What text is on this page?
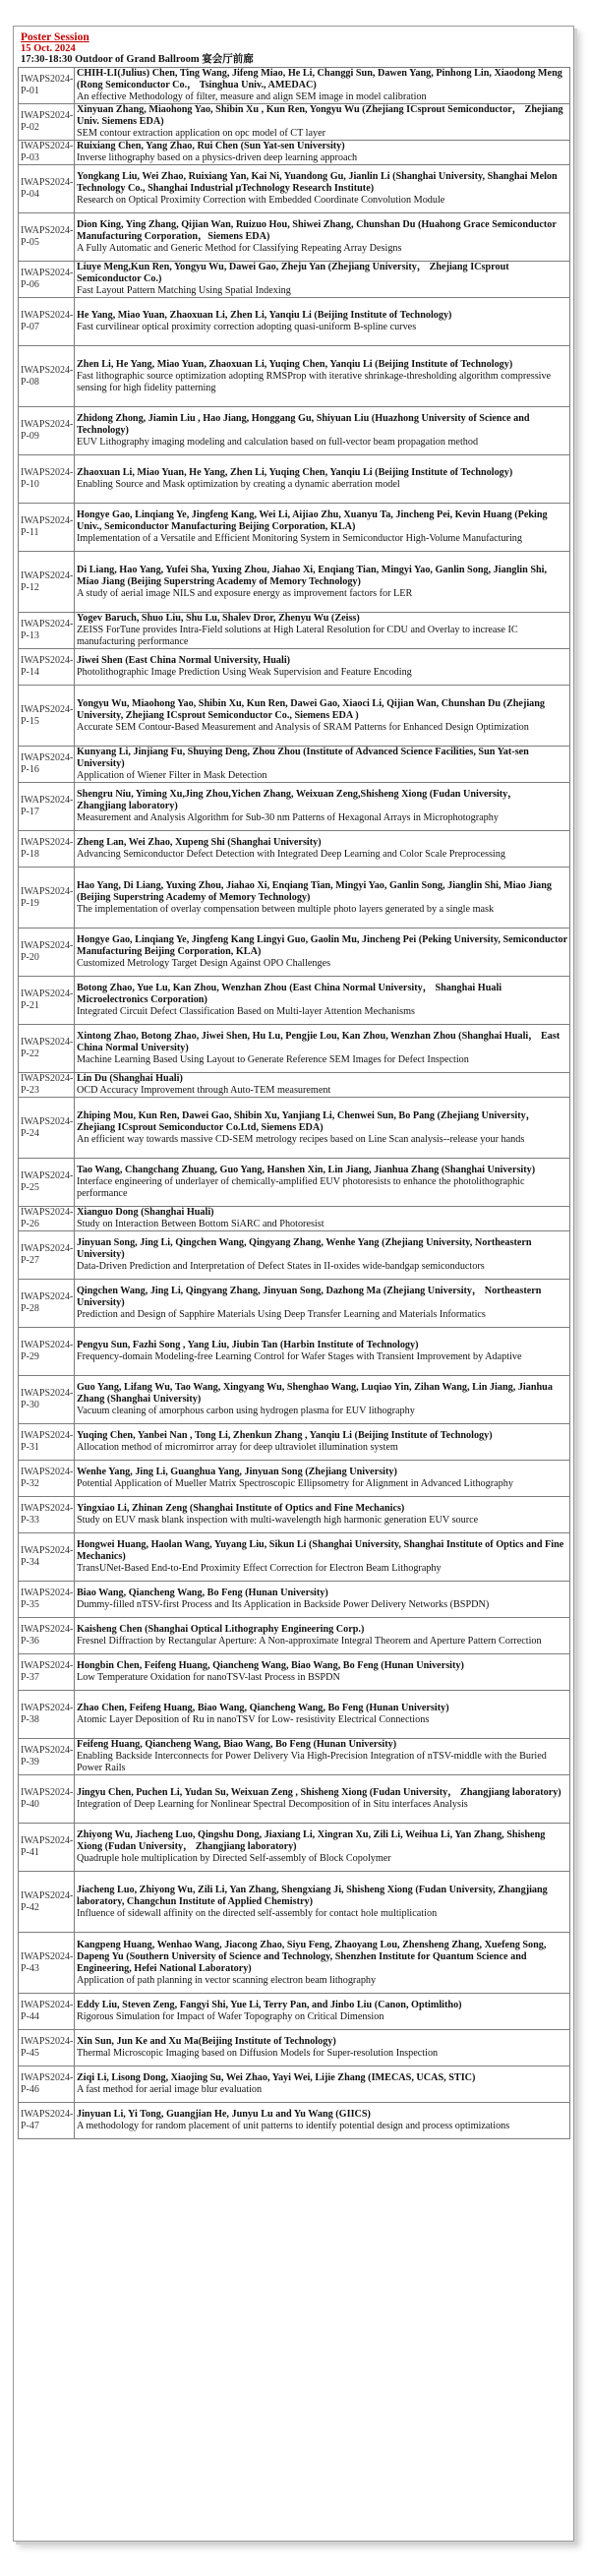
Poster Session
15 Oct. 2024
17:30-18:30 Outdoor of Grand Ballroom 宴会厅前廊
IWAPS2024-P-01	CHIH-LI(Julius) Chen, Ting Wang, Jifeng Miao, He Li, Changgi Sun, Dawen Yang, Pinhong Lin, Xiaodong Meng (Rong Semiconductor Co.， Tsinghua Univ., AMEDAC)
An effective Methodology of filter, measure and align SEM image in model calibration

IWAPS2024-P-02	Xinyuan Zhang, Miaohong Yao, Shibin Xu , Kun Ren, Yongyu Wu (Zhejiang ICsprout Semiconductor， Zhejiang Univ. Siemens EDA)
SEM contour extraction application on opc model of CT layer

IWAPS2024-P-03	Ruixiang Chen, Yang Zhao, Rui Chen (Sun Yat-sen University)
Inverse lithography based on a physics-driven deep learning approach

IWAPS2024-P-04	Yongkang Liu, Wei Zhao, Ruixiang Yan, Kai Ni, Yuandong Gu, Jianlin Li (Shanghai University, Shanghai Melon Technology Co., Shanghai Industrial µTechnology Research Institute)
Research on Optical Proximity Correction with Embedded Coordinate Convolution Module

IWAPS2024-P-05	Dion King, Ying Zhang, Qijian Wan, Ruizuo Hou, Shiwei Zhang, Chunshan Du (Huahong Grace Semiconductor Manufacturing Corporation，Siemens EDA)
A Fully Automatic and Generic Method for Classifying Repeating Array Designs

IWAPS2024-P-06	Liuye Meng,Kun Ren, Yongyu Wu, Dawei Gao, Zheju Yan (Zhejiang University， Zhejiang ICsprout Semiconductor Co.)
Fast Layout Pattern Matching Using Spatial Indexing

IWAPS2024-P-07	He Yang, Miao Yuan, Zhaoxuan Li, Zhen Li, Yanqiu Li (Beijing Institute of Technology)
Fast curvilinear optical proximity correction adopting quasi-uniform B-spline curves

IWAPS2024-P-08	Zhen Li, He Yang, Miao Yuan, Zhaoxuan Li, Yuqing Chen, Yanqiu Li (Beijing Institute of Technology)
Fast lithographic source optimization adopting RMSProp with iterative shrinkage-thresholding algorithm compressive sensing for high fidelity patterning

IWAPS2024-P-09	Zhidong Zhong, Jiamin Liu , Hao Jiang, Honggang Gu, Shiyuan Liu (Huazhong University of Science and Technology)
EUV Lithography imaging modeling and calculation based on full-vector beam propagation method

IWAPS2024-P-10	Zhaoxuan Li, Miao Yuan, He Yang, Zhen Li, Yuqing Chen, Yanqiu Li (Beijing Institute of Technology)
Enabling Source and Mask optimization by creating a dynamic aberration model

IWAPS2024-P-11	Hongye Gao, Linqiang Ye, Jingfeng Kang, Wei Li, Aijiao Zhu, Xuanyu Ta, Jincheng Pei, Kevin Huang (Peking Univ., Semiconductor Manufacturing Beijing Corporation, KLA)
Implementation of a Versatile and Efficient Monitoring System in Semiconductor High-Volume Manufacturing

IWAPS2024-P-12	Di Liang, Hao Yang, Yufei Sha, Yuxing Zhou, Jiahao Xi, Enqiang Tian, Mingyi Yao, Ganlin Song, Jianglin Shi, Miao Jiang (Beijing Superstring Academy of Memory Technology)
A study of aerial image NILS and exposure energy as improvement factors for LER

IWAPS2024-P-13	Yogev Baruch, Shuo Liu, Shu Lu, Shalev Dror, Zhenyu Wu (Zeiss)
ZEISS ForTune provides Intra-Field solutions at High Lateral Resolution for CDU and Overlay to increase IC manufacturing performance

IWAPS2024-P-14	Jiwei Shen (East China Normal University, Huali)
Photolithographic Image Prediction Using Weak Supervision and Feature Encoding

IWAPS2024-P-15	Yongyu Wu, Miaohong Yao, Shibin Xu, Kun Ren, Dawei Gao, Xiaoci Li, Qijian Wan, Chunshan Du (Zhejiang University, Zhejiang ICsprout Semiconductor Co., Siemens EDA )
Accurate SEM Contour-Based Measurement and Analysis of SRAM Patterns for Enhanced Design Optimization

IWAPS2024-P-16	Kunyang Li, Jinjiang Fu, Shuying Deng, Zhou Zhou (Institute of Advanced Science Facilities, Sun Yat-sen University)
Application of Wiener Filter in Mask Detection

IWAPS2024-P-17	Shengru Niu, Yiming Xu,Jing Zhou,Yichen Zhang, Weixuan Zeng,Shisheng Xiong (Fudan University， Zhangjiang laboratory)
Measurement and Analysis Algorithm for Sub-30 nm Patterns of Hexagonal Arrays in Microphotography

IWAPS2024-P-18	Zheng Lan, Wei Zhao, Xupeng Shi (Shanghai University)
Advancing Semiconductor Defect Detection with Integrated Deep Learning and Color Scale Preprocessing

IWAPS2024-P-19	Hao Yang, Di Liang, Yuxing Zhou, Jiahao Xi, Enqiang Tian, Mingyi Yao, Ganlin Song, Jianglin Shi, Miao Jiang (Beijing Superstring Academy of Memory Technology)
The implementation of overlay compensation between multiple photo layers generated by a single mask

IWAPS2024-P-20	Hongye Gao, Linqiang Ye, Jingfeng Kang Lingyi Guo, Gaolin Mu, Jincheng Pei (Peking University, Semiconductor Manufacturing Beijing Corporation, KLA)
Customized Metrology Target Design Against OPO Challenges

IWAPS2024-P-21	Botong Zhao, Yue Lu, Kan Zhou, Wenzhan Zhou (East China Normal University， Shanghai Huali Microelectronics Corporation)
Integrated Circuit Defect Classification Based on Multi-layer Attention Mechanisms

IWAPS2024-P-22	Xintong Zhao, Botong Zhao, Jiwei Shen, Hu Lu, Pengjie Lou, Kan Zhou, Wenzhan Zhou (Shanghai Huali， East China Normal University)
Machine Learning Based Using Layout to Generate Reference SEM Images for Defect Inspection

IWAPS2024-P-23	Lin Du (Shanghai Huali)
OCD Accuracy Improvement through Auto-TEM measurement

IWAPS2024-P-24	Zhiping Mou, Kun Ren, Dawei Gao, Shibin Xu, Yanjiang Li, Chenwei Sun, Bo Pang (Zhejiang University， Zhejiang ICsprout Semiconductor Co.Ltd, Siemens EDA)
An efficient way towards massive CD-SEM metrology recipes based on Line Scan analysis--release your hands

IWAPS2024-P-25	Tao Wang, Changchang Zhuang, Guo Yang, Hanshen Xin, Lin Jiang, Jianhua Zhang (Shanghai University)
Interface engineering of underlayer of chemically-amplified EUV photoresists to enhance the photolithographic performance

IWAPS2024-P-26	Xianguo Dong (Shanghai Huali)
Study on Interaction Between Bottom SiARC and Photoresist

IWAPS2024-P-27	Jinyuan Song, Jing Li, Qingchen Wang, Qingyang Zhang, Wenhe Yang (Zhejiang University, Northeastern University)
Data-Driven Prediction and Interpretation of Defect States in II-oxides wide-bandgap semiconductors

IWAPS2024-P-28	Qingchen Wang, Jing Li, Qingyang Zhang, Jinyuan Song, Dazhong Ma (Zhejiang University， Northeastern University)
Prediction and Design of Sapphire Materials Using Deep Transfer Learning and Materials Informatics

IWAPS2024-P-29	Pengyu Sun, Fazhi Song , Yang Liu, Jiubin Tan (Harbin Institute of Technology)
Frequency-domain Modeling-free Learning Control for Wafer Stages with Transient Improvement by Adaptive

IWAPS2024-P-30	Guo Yang, Lifang Wu, Tao Wang, Xingyang Wu, Shenghao Wang, Luqiao Yin, Zihan Wang, Lin Jiang, Jianhua Zhang (Shanghai University)
Vacuum cleaning of amorphous carbon using hydrogen plasma for EUV lithography

IWAPS2024-P-31	Yuqing Chen, Yanbei Nan , Tong Li, Zhenkun Zhang , Yanqiu Li (Beijing Institute of Technology)
Allocation method of micromirror array for deep ultraviolet illumination system

IWAPS2024-P-32	Wenhe Yang, Jing Li, Guanghua Yang, Jinyuan Song (Zhejiang University)
Potential Application of Mueller Matrix Spectroscopic Ellipsometry for Alignment in Advanced Lithography

IWAPS2024-P-33	Yingxiao Li, Zhinan Zeng (Shanghai Institute of Optics and Fine Mechanics)
Study on EUV mask blank inspection with multi-wavelength high harmonic generation EUV source

IWAPS2024-P-34	Hongwei Huang, Haolan Wang, Yuyang Liu, Sikun Li (Shanghai University, Shanghai Institute of Optics and Fine Mechanics)
TransUNet-Based End-to-End Proximity Effect Correction for Electron Beam Lithography

IWAPS2024-P-35	Biao Wang, Qiancheng Wang, Bo Feng (Hunan University)
Dummy-filled nTSV-first Process and Its Application in Backside Power Delivery Networks (BSPDN)

IWAPS2024-P-36	Kaisheng Chen (Shanghai Optical Lithography Engineering Corp.)
Fresnel Diffraction by Rectangular Aperture: A Non-approximate Integral Theorem and Aperture Pattern Correction

IWAPS2024-P-37	Hongbin Chen, Feifeng Huang, Qiancheng Wang, Biao Wang, Bo Feng (Hunan University)
Low Temperature Oxidation for nanoTSV-last Process in BSPDN

IWAPS2024-P-38	Zhao Chen, Feifeng Huang, Biao Wang, Qiancheng Wang, Bo Feng (Hunan University)
Atomic Layer Deposition of Ru in nanoTSV for Low- resistivity Electrical Connections

IWAPS2024-P-39	Feifeng Huang, Qiancheng Wang, Biao Wang, Bo Feng (Hunan University)
Enabling Backside Interconnects for Power Delivery Via High-Precision Integration of nTSV-middle with the Buried Power Rails

IWAPS2024-P-40	Jingyu Chen, Puchen Li, Yudan Su, Weixuan Zeng , Shisheng Xiong (Fudan University， Zhangjiang laboratory)
Integration of Deep Learning for Nonlinear Spectral Decomposition of in Situ interfaces Analysis

IWAPS2024-P-41	Zhiyong Wu, Jiacheng Luo, Qingshu Dong, Jiaxiang Li, Xingran Xu, Zili Li, Weihua Li, Yan Zhang, Shisheng Xiong (Fudan University， Zhangjiang laboratory)
Quadruple hole multiplication by Directed Self-assembly of Block Copolymer

IWAPS2024-P-42	Jiacheng Luo, Zhiyong Wu, Zili Li, Yan Zhang, Shengxiang Ji, Shisheng Xiong (Fudan University, Zhangjiang laboratory, Changchun Institute of Applied Chemistry)
Influence of sidewall affinity on the directed self-assembly for contact hole multiplication

IWAPS2024-P-43	Kangpeng Huang, Wenhao Wang, Jiacong Zhao, Siyu Feng, Zhaoyang Lou, Zhensheng Zhang, Xuefeng Song, Dapeng Yu (Southern University of Science and Technology, Shenzhen Institute for Quantum Science and Engineering, Hefei National Laboratory)
Application of path planning in vector scanning electron beam lithography

IWAPS2024-P-44	Eddy Liu, Steven Zeng, Fangyi Shi, Yue Li, Terry Pan, and Jinbo Liu (Canon, Optimlitho)
Rigorous Simulation for Impact of Wafer Topography on Critical Dimension

IWAPS2024-P-45	Xin Sun, Jun Ke and Xu Ma(Beijing Institute of Technology)
Thermal Microscopic Imaging based on Diffusion Models for Super-resolution Inspection

IWAPS2024-P-46	Ziqi Li, Lisong Dong, Xiaojing Su, Wei Zhao, Yayi Wei, Lijie Zhang (IMECAS, UCAS, STIC)
A fast method for aerial image blur evaluation

IWAPS2024-P-47	Jinyuan Li, Yi Tong, Guangjian He, Junyu Lu and Yu Wang (GIICS)
A methodology for random placement of unit patterns to identify potential design and process optimizations
